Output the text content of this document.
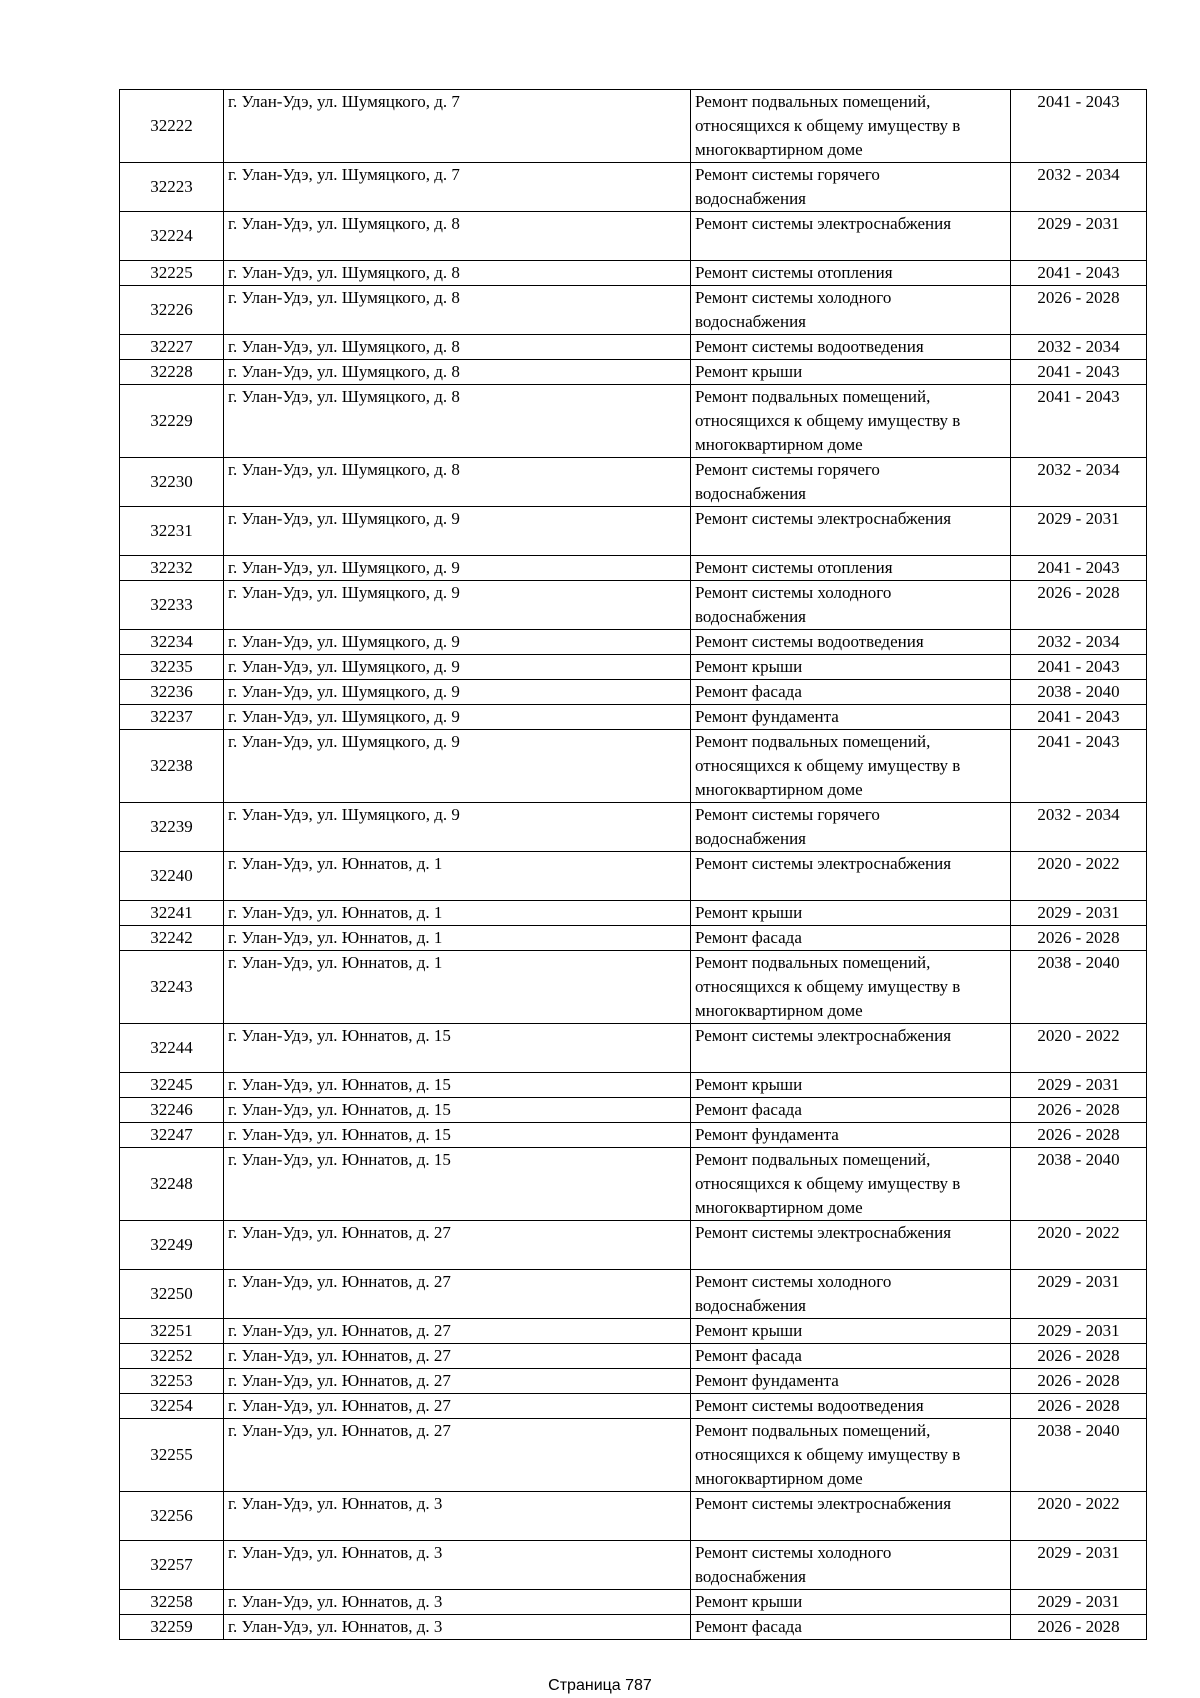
32222	г. Улан-Удэ, ул. Шумяцкого, д. 7	Ремонт подвальных помещений,
относящихся к общему имуществу в
многоквартирном доме	2041 - 2043
32223	г. Улан-Удэ, ул. Шумяцкого, д. 7	Ремонт системы горячего
водоснабжения	2032 - 2034
32224	г. Улан-Удэ, ул. Шумяцкого, д. 8	Ремонт системы электроснабжения	2029 - 2031
32225	г. Улан-Удэ, ул. Шумяцкого, д. 8	Ремонт системы отопления	2041 - 2043
32226	г. Улан-Удэ, ул. Шумяцкого, д. 8	Ремонт системы холодного
водоснабжения	2026 - 2028
32227	г. Улан-Удэ, ул. Шумяцкого, д. 8	Ремонт системы водоотведения	2032 - 2034
32228	г. Улан-Удэ, ул. Шумяцкого, д. 8	Ремонт крыши	2041 - 2043
32229	г. Улан-Удэ, ул. Шумяцкого, д. 8	Ремонт подвальных помещений,
относящихся к общему имуществу в
многоквартирном доме	2041 - 2043
32230	г. Улан-Удэ, ул. Шумяцкого, д. 8	Ремонт системы горячего
водоснабжения	2032 - 2034
32231	г. Улан-Удэ, ул. Шумяцкого, д. 9	Ремонт системы электроснабжения	2029 - 2031
32232	г. Улан-Удэ, ул. Шумяцкого, д. 9	Ремонт системы отопления	2041 - 2043
32233	г. Улан-Удэ, ул. Шумяцкого, д. 9	Ремонт системы холодного
водоснабжения	2026 - 2028
32234	г. Улан-Удэ, ул. Шумяцкого, д. 9	Ремонт системы водоотведения	2032 - 2034
32235	г. Улан-Удэ, ул. Шумяцкого, д. 9	Ремонт крыши	2041 - 2043
32236	г. Улан-Удэ, ул. Шумяцкого, д. 9	Ремонт фасада	2038 - 2040
32237	г. Улан-Удэ, ул. Шумяцкого, д. 9	Ремонт фундамента	2041 - 2043
32238	г. Улан-Удэ, ул. Шумяцкого, д. 9	Ремонт подвальных помещений,
относящихся к общему имуществу в
многоквартирном доме	2041 - 2043
32239	г. Улан-Удэ, ул. Шумяцкого, д. 9	Ремонт системы горячего
водоснабжения	2032 - 2034
32240	г. Улан-Удэ, ул. Юннатов, д. 1	Ремонт системы электроснабжения	2020 - 2022
32241	г. Улан-Удэ, ул. Юннатов, д. 1	Ремонт крыши	2029 - 2031
32242	г. Улан-Удэ, ул. Юннатов, д. 1	Ремонт фасада	2026 - 2028
32243	г. Улан-Удэ, ул. Юннатов, д. 1	Ремонт подвальных помещений,
относящихся к общему имуществу в
многоквартирном доме	2038 - 2040
32244	г. Улан-Удэ, ул. Юннатов, д. 15	Ремонт системы электроснабжения	2020 - 2022
32245	г. Улан-Удэ, ул. Юннатов, д. 15	Ремонт крыши	2029 - 2031
32246	г. Улан-Удэ, ул. Юннатов, д. 15	Ремонт фасада	2026 - 2028
32247	г. Улан-Удэ, ул. Юннатов, д. 15	Ремонт фундамента	2026 - 2028
32248	г. Улан-Удэ, ул. Юннатов, д. 15	Ремонт подвальных помещений,
относящихся к общему имуществу в
многоквартирном доме	2038 - 2040
32249	г. Улан-Удэ, ул. Юннатов, д. 27	Ремонт системы электроснабжения	2020 - 2022
32250	г. Улан-Удэ, ул. Юннатов, д. 27	Ремонт системы холодного
водоснабжения	2029 - 2031
32251	г. Улан-Удэ, ул. Юннатов, д. 27	Ремонт крыши	2029 - 2031
32252	г. Улан-Удэ, ул. Юннатов, д. 27	Ремонт фасада	2026 - 2028
32253	г. Улан-Удэ, ул. Юннатов, д. 27	Ремонт фундамента	2026 - 2028
32254	г. Улан-Удэ, ул. Юннатов, д. 27	Ремонт системы водоотведения	2026 - 2028
32255	г. Улан-Удэ, ул. Юннатов, д. 27	Ремонт подвальных помещений,
относящихся к общему имуществу в
многоквартирном доме	2038 - 2040
32256	г. Улан-Удэ, ул. Юннатов, д. 3	Ремонт системы электроснабжения	2020 - 2022
32257	г. Улан-Удэ, ул. Юннатов, д. 3	Ремонт системы холодного
водоснабжения	2029 - 2031
32258	г. Улан-Удэ, ул. Юннатов, д. 3	Ремонт крыши	2029 - 2031
32259	г. Улан-Удэ, ул. Юннатов, д. 3	Ремонт фасада	2026 - 2028
Страница 787
